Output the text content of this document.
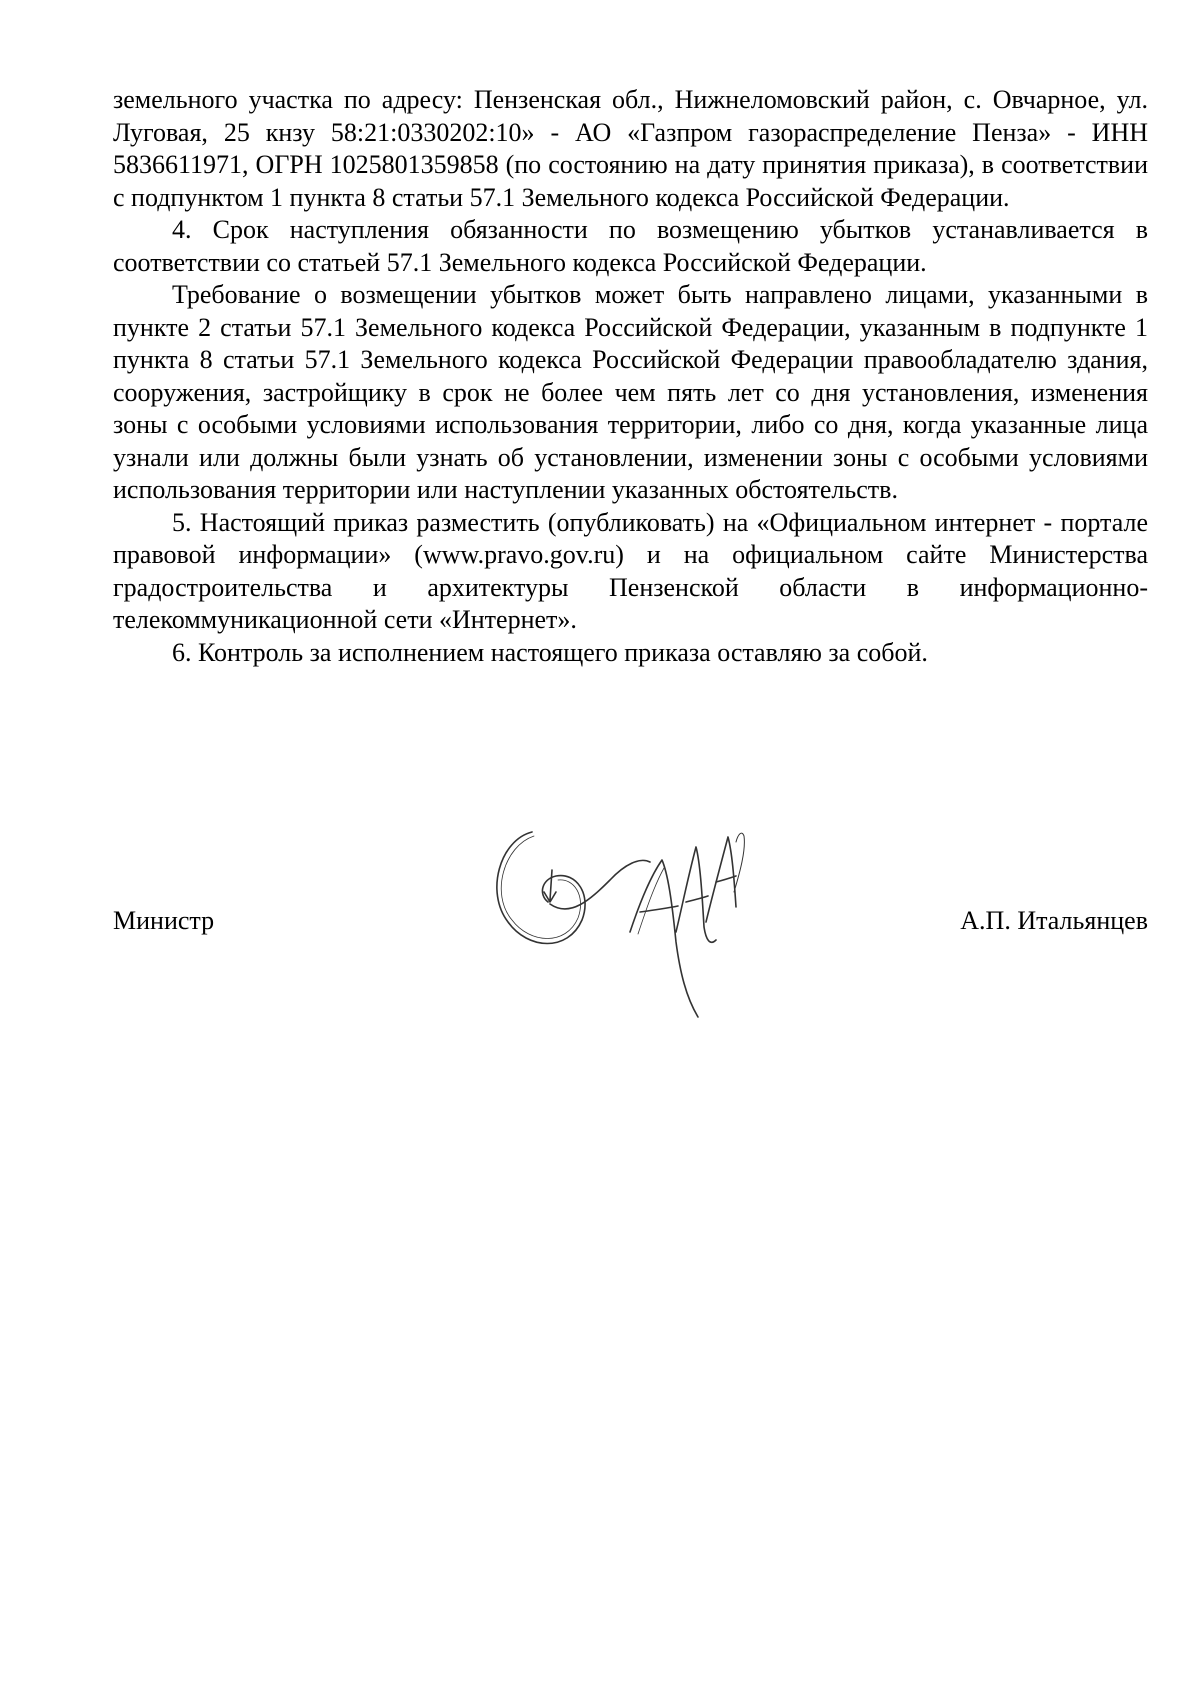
земельного участка по адресу: Пензенская обл., Нижнеломовский район, с. Овчарное, ул. Луговая, 25 кнзу 58:21:0330202:10» - АО «Газпром газораспределение Пенза» - ИНН 5836611971, ОГРН 1025801359858 (по состоянию на дату принятия приказа), в соответствии с подпунктом 1 пункта 8 статьи 57.1 Земельного кодекса Российской Федерации.

4. Срок наступления обязанности по возмещению убытков устанавливается в соответствии со статьей 57.1 Земельного кодекса Российской Федерации.

Требование о возмещении убытков может быть направлено лицами, указанными в пункте 2 статьи 57.1 Земельного кодекса Российской Федерации, указанным в подпункте 1 пункта 8 статьи 57.1 Земельного кодекса Российской Федерации правообладателю здания, сооружения, застройщику в срок не более чем пять лет со дня установления, изменения зоны с особыми условиями использования территории, либо со дня, когда указанные лица узнали или должны были узнать об установлении, изменении зоны с особыми условиями использования территории или наступлении указанных обстоятельств.

5. Настоящий приказ разместить (опубликовать) на «Официальном интернет - портале правовой информации» (www.pravo.gov.ru) и на официальном сайте Министерства градостроительства и архитектуры Пензенской области в информационно-телекоммуникационной сети «Интернет».

6. Контроль за исполнением настоящего приказа оставляю за собой.

Министр	А.П. Итальянцев
